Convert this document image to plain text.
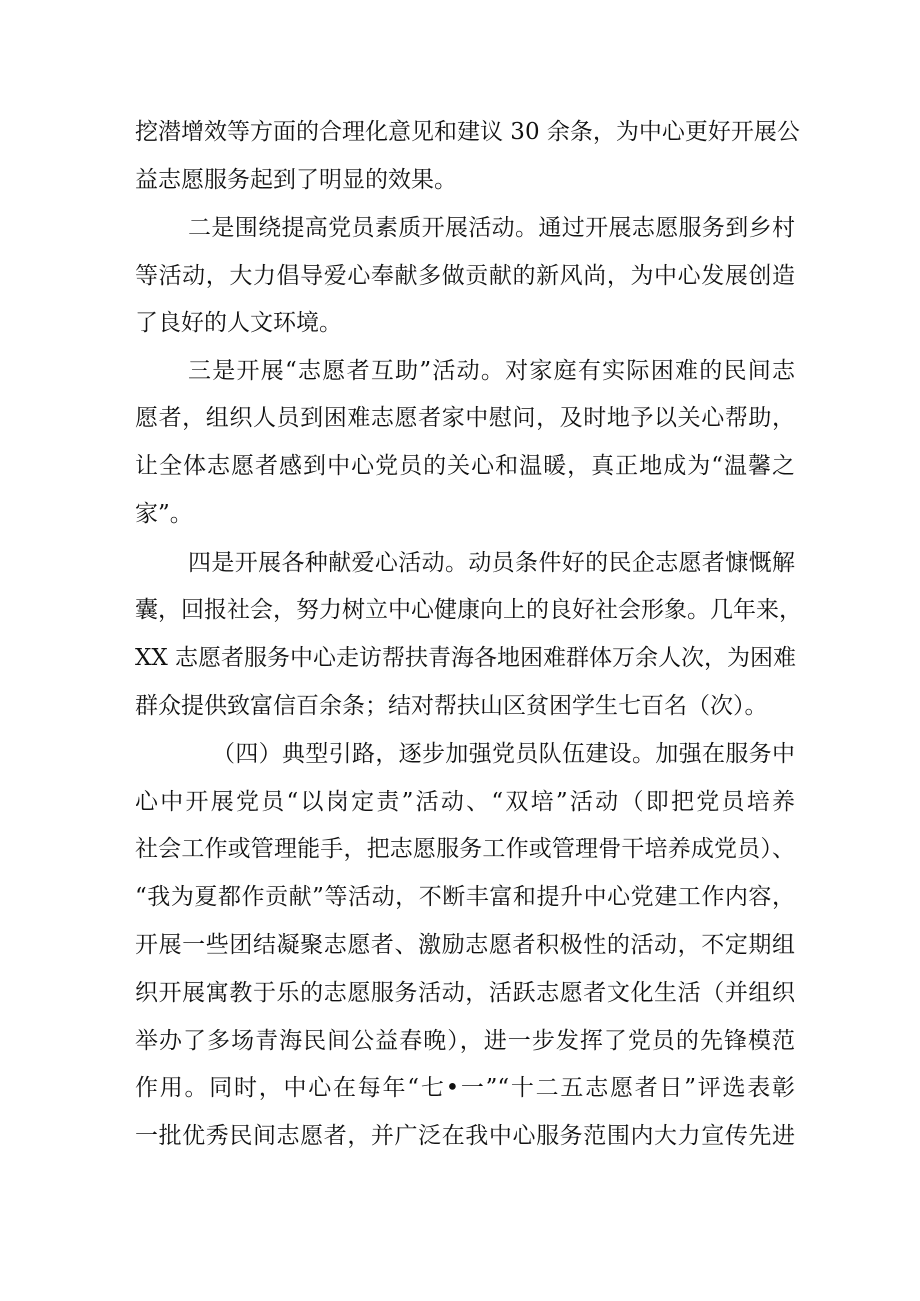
挖潜增效等方面的合理化意见和建议 30 余条，为中心更好开展公
益志愿服务起到了明显的效果。
二是围绕提高党员素质开展活动。通过开展志愿服务到乡村
等活动，大力倡导爱心奉献多做贡献的新风尚，为中心发展创造
了良好的人文环境。
三是开展“志愿者互助”活动。对家庭有实际困难的民间志
愿者，组织人员到困难志愿者家中慰问，及时地予以关心帮助，
让全体志愿者感到中心党员的关心和温暖，真正地成为“温馨之
家”。
四是开展各种献爱心活动。动员条件好的民企志愿者慷慨解
囊，回报社会，努力树立中心健康向上的良好社会形象。几年来，
XX 志愿者服务中心走访帮扶青海各地困难群体万余人次，为困难
群众提供致富信百余条；结对帮扶山区贫困学生七百名（次）。
（四）典型引路，逐步加强党员队伍建设。加强在服务中
心中开展党员“以岗定责”活动、“双培”活动（即把党员培养
社会工作或管理能手，把志愿服务工作或管理骨干培养成党员）、
“我为夏都作贡献”等活动，不断丰富和提升中心党建工作内容，
开展一些团结凝聚志愿者、激励志愿者积极性的活动，不定期组
织开展寓教于乐的志愿服务活动，活跃志愿者文化生活（并组织
举办了多场青海民间公益春晚），进一步发挥了党员的先锋模范
作用。同时，中心在每年“七•一”“十二五志愿者日”评选表彰
一批优秀民间志愿者，并广泛在我中心服务范围内大力宣传先进
